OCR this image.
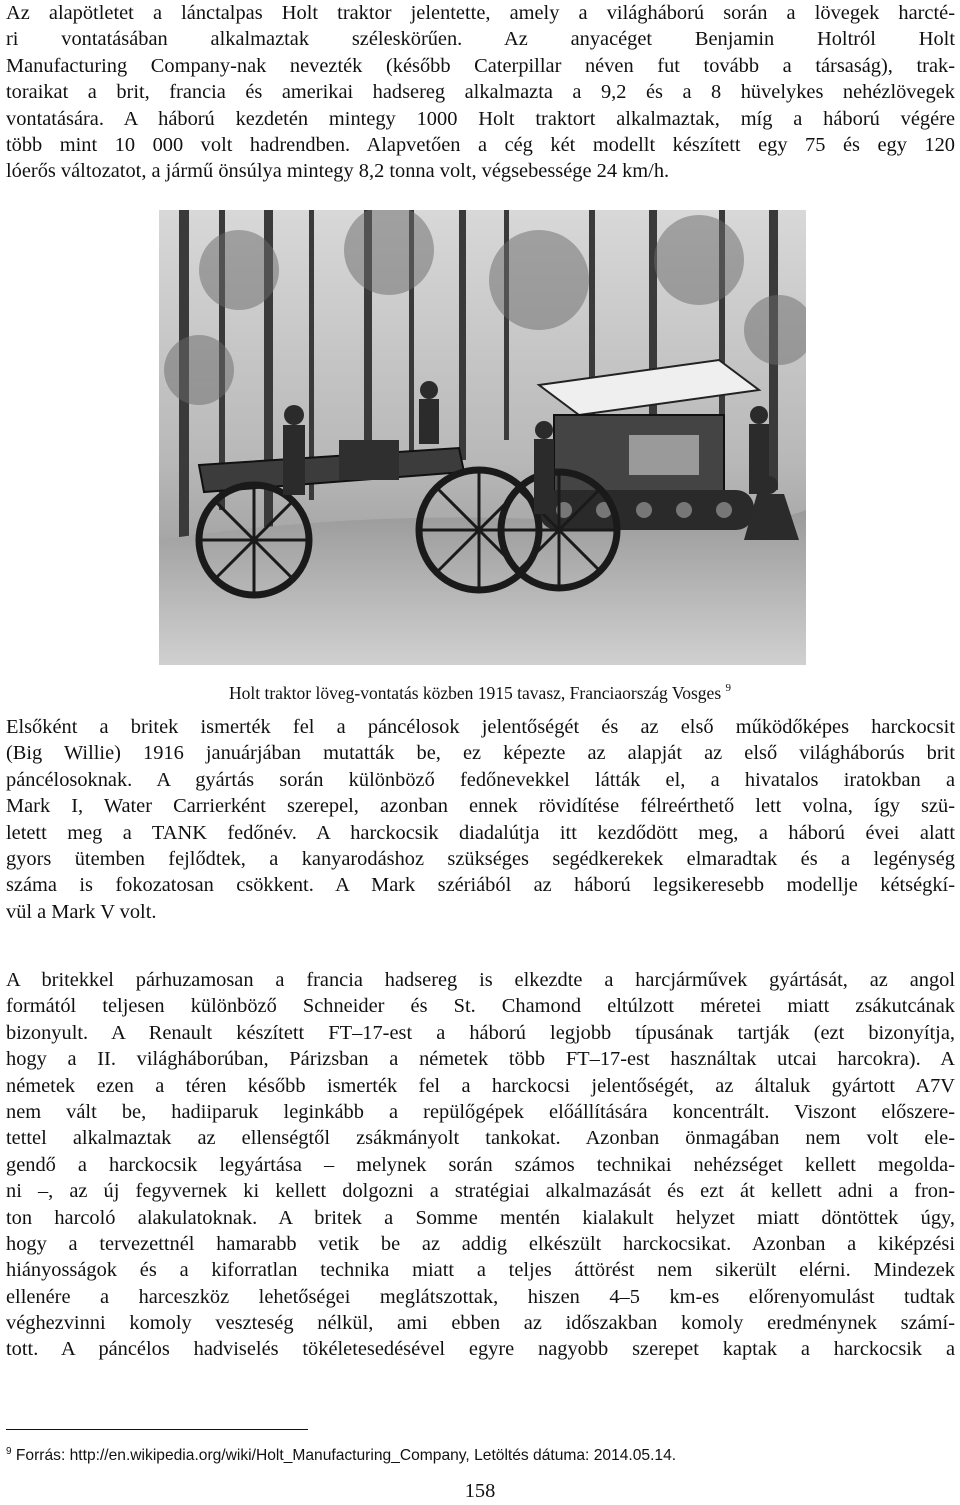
Az alapötletet a lánctalpas Holt traktor jelentette, amely a világháború során a lövegek harcté-
ri vontatásában alkalmaztak széleskörűen. Az anyacéget Benjamin Holtról Holt
Manufacturing Company-nak nevezték (később Caterpillar néven fut tovább a társaság), trak-
toraikat a brit, francia és amerikai hadsereg alkalmazta a 9,2 és a 8 hüvelykes nehézlövegek
vontatására. A háború kezdetén mintegy 1000 Holt traktort alkalmaztak, míg a háború végére
több mint 10 000 volt hadrendben. Alapvetően a cég két modellt készített egy 75 és egy 120
lóerős változatot, a jármű önsúlya mintegy 8,2 tonna volt, végsebessége 24 km/h.
Holt traktor löveg-vontatás közben 1915 tavasz, Franciaország Vosges $^9$
Elsőként a britek ismerték fel a páncélosok jelentőségét és az első működőképes harckocsit
(Big Willie) 1916 januárjában mutatták be, ez képezte az alapját az első világháborús brit
páncélosoknak. A gyártás során különböző fedőnevekkel látták el, a hivatalos iratokban a
Mark I, Water Carrierként szerepel, azonban ennek rövidítése félreérthető lett volna, így szü-
letett meg a TANK fedőnév. A harckocsik diadalútja itt kezdődött meg, a háború évei alatt
gyors ütemben fejlődtek, a kanyarodáshoz szükséges segédkerekek elmaradtak és a legénység
száma is fokozatosan csökkent. A Mark szériából az háború legsikeresebb modellje kétségkí-
vül a Mark V volt.
A britekkel párhuzamosan a francia hadsereg is elkezdte a harcjárművek gyártását, az angol
formától teljesen különböző Schneider és St. Chamond eltúlzott méretei miatt zsákutcának
bizonyult. A Renault készített FT–17-est a háború legjobb típusának tartják (ezt bizonyítja,
hogy a II. világháborúban, Párizsban a németek több FT–17-est használtak utcai harcokra). A
németek ezen a téren később ismerték fel a harckocsi jelentőségét, az általuk gyártott A7V
nem vált be, hadiiparuk leginkább a repülőgépek előállítására koncentrált. Viszont előszere-
tettel alkalmaztak az ellenségtől zsákmányolt tankokat. Azonban önmagában nem volt ele-
gendő a harckocsik legyártása – melynek során számos technikai nehézséget kellett megolda-
ni –, az új fegyvernek ki kellett dolgozni a stratégiai alkalmazását és ezt át kellett adni a fron-
ton harcoló alakulatoknak. A britek a Somme mentén kialakult helyzet miatt döntöttek úgy,
hogy a tervezettnél hamarabb vetik be az addig elkészült harckocsikat. Azonban a kiképzési
hiányosságok és a kiforratlan technika miatt a teljes áttörést nem sikerült elérni. Mindezek
ellenére a harceszköz lehetőségei meglátszottak, hiszen 4–5 km-es előrenyomulást tudtak
véghezvinni komoly veszteség nélkül, ami ebben az időszakban komoly eredménynek számí-
tott. A páncélos hadviselés tökéletesedésével egyre nagyobb szerepet kaptak a harckocsik a
$^9$ Forrás: http://en.wikipedia.org/wiki/Holt_Manufacturing_Company, Letöltés dátuma: 2014.05.14.
158
